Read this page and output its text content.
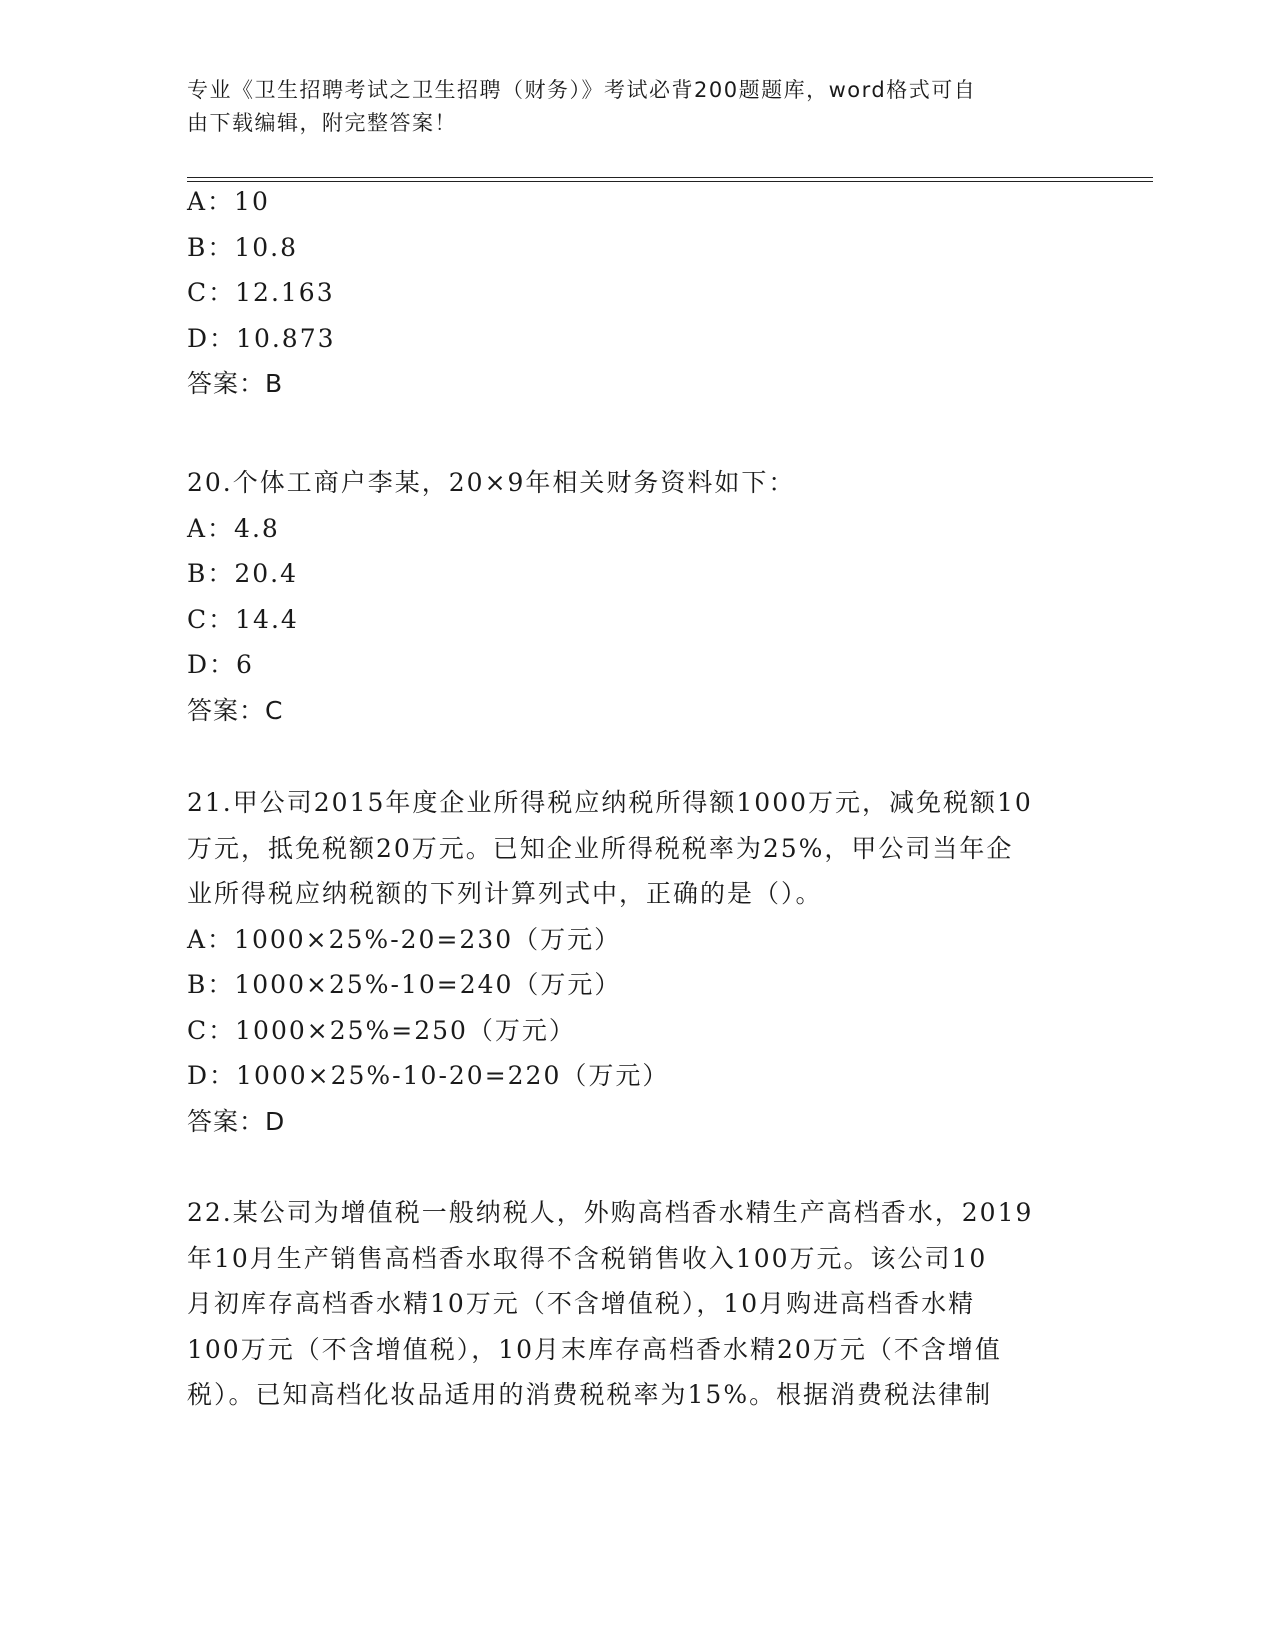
专业《卫生招聘考试之卫生招聘（财务）》考试必背200题题库，word格式可自

由下载编辑，附完整答案！

A：10

B：10.8

C：12.163

D：10.873

答案：B

20.个体工商户李某，20×9年相关财务资料如下：

A：4.8

B：20.4

C：14.4

D：6

答案：C

21.甲公司2015年度企业所得税应纳税所得额1000万元，减免税额10

万元，抵免税额20万元。已知企业所得税税率为25%，甲公司当年企

业所得税应纳税额的下列计算列式中，正确的是（）。

A：1000×25%-20=230（万元）

B：1000×25%-10=240（万元）

C：1000×25%=250（万元）

D：1000×25%-10-20=220（万元）

答案：D

22.某公司为增值税一般纳税人，外购高档香水精生产高档香水，2019

年10月生产销售高档香水取得不含税销售收入100万元。该公司10

月初库存高档香水精10万元（不含增值税），10月购进高档香水精

100万元（不含增值税），10月末库存高档香水精20万元（不含增值

税）。已知高档化妆品适用的消费税税率为15%。根据消费税法律制
